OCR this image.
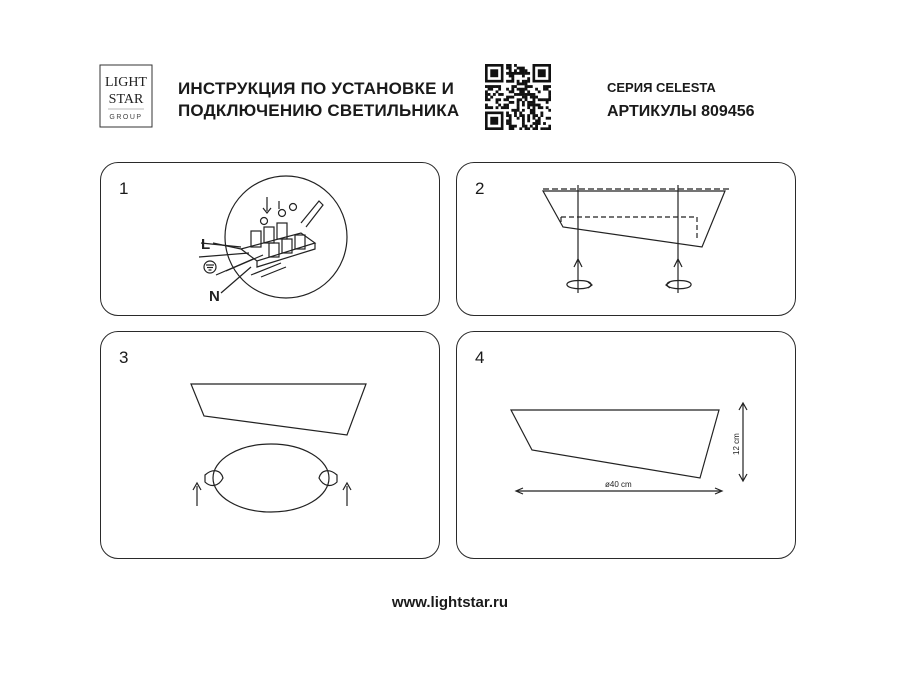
LIGHT
STAR
GROUP
ИНСТРУКЦИЯ ПО УСТАНОВКЕ И
ПОДКЛЮЧЕНИЮ СВЕТИЛЬНИКА
СЕРИЯ CELESTA
АРТИКУЛЫ 809456
1
L
N
2
3	4
12 cm
ø40 cm
www.lightstar.ru
